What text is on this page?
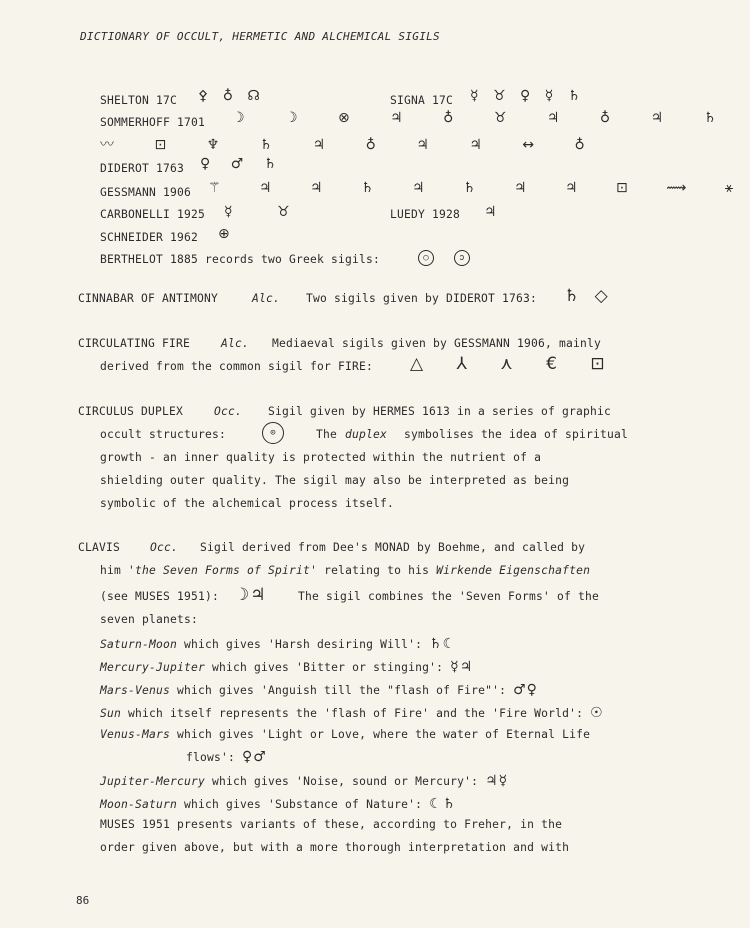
DICTIONARY OF OCCULT, HERMETIC AND ALCHEMICAL SIGILS
SHELTON 17C ⚴ ♁ ☊	SIGNA 17C ☿ ♉ ♀ ☿ ♄
SOMMERHOFF 1701 ☽ ☽ ⊗ ♃ ♁ ♉ ♃ ♁ ♃ ♄
〰 ⊡ ♆ ♄ ♃ ♁ ♃ ♃ ↔ ♁
DIDEROT 1763 ♀ ♂ ♄
GESSMANN 1906 ⚚ ♃ ♃ ♄ ♃ ♄ ♃ ♃ ⊡ ⟿ ⚹
CARBONELLI 1925 ☿ ♉	LUEDY 1928 ♃
SCHNEIDER 1962 ⊕
BERTHELOT 1885 records two Greek sigils:	○	ↄ
CINNABAR OF ANTIMONY	Alc. Two sigils given by DIDEROT 1763: ♄ ◇
CIRCULATING FIRE	Alc. Mediaeval sigils given by GESSMANN 1906, mainly
derived from the common sigil for FIRE: △ ⅄ ⋏ € ⊡
CIRCULUS DUPLEX	Occ. Sigil given by HERMES 1613 in a series of graphic
occult structures:	⊙	The duplex symbolises the idea of spiritual
growth - an inner quality is protected within the nutrient of a
shielding outer quality. The sigil may also be interpreted as being
symbolic of the alchemical process itself.
CLAVIS	Occ. Sigil derived from Dee's MONAD by Boehme, and called by
him 'the Seven Forms of Spirit' relating to his Wirkende Eigenschaften
(see MUSES 1951): ☽♃	The sigil combines the 'Seven Forms' of the
seven planets:
Saturn-Moon which gives 'Harsh desiring Will': ♄☾
Mercury-Jupiter which gives 'Bitter or stinging': ☿♃
Mars-Venus which gives 'Anguish till the "flash of Fire"': ♂♀
Sun which itself represents the 'flash of Fire' and the 'Fire World': ☉
Venus-Mars which gives 'Light or Love, where the water of Eternal Life
flows': ♀♂
Jupiter-Mercury which gives 'Noise, sound or Mercury': ♃☿
Moon-Saturn which gives 'Substance of Nature': ☾♄
MUSES 1951 presents variants of these, according to Freher, in the
order given above, but with a more thorough interpretation and with
86
